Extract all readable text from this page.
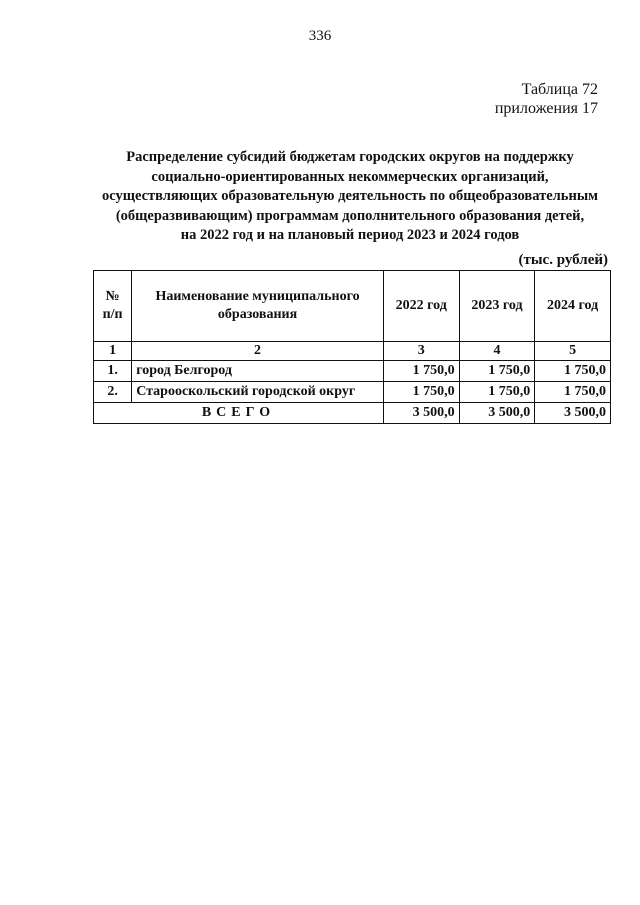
336
Таблица 72
приложения 17
Распределение субсидий бюджетам городских округов на поддержку
социально-ориентированных некоммерческих организаций,
осуществляющих образовательную деятельность по общеобразовательным
(общеразвивающим) программам дополнительного образования детей,
на 2022 год и на плановый период 2023 и 2024 годов
(тыс. рублей)
№ п/п	Наименование муниципального образования	2022 год	2023 год	2024 год
1	2	3	4	5
1.	город Белгород	1 750,0	1 750,0	1 750,0
2.	Старооскольский городской округ	1 750,0	1 750,0	1 750,0
ВСЕГО		3 500,0	3 500,0	3 500,0
